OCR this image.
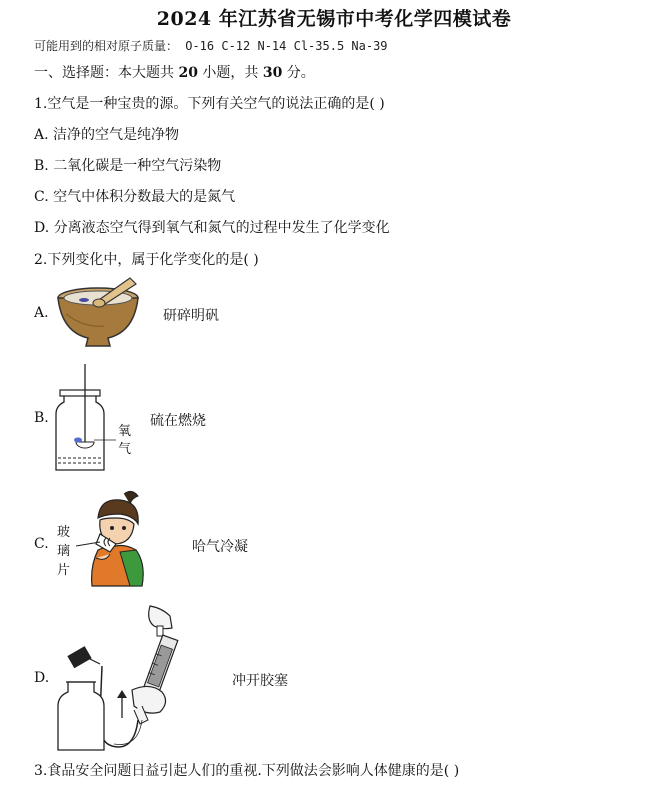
2024 年江苏省无锡市中考化学四模试卷
可能用到的相对原子质量： O-16 C-12 N-14 Cl-35.5 Na-39
一、选择题：本大题共 20 小题，共 30 分。
1.空气是一种宝贵的源。下列有关空气的说法正确的是( )
A. 洁净的空气是纯净物
B. 二氧化碳是一种空气污染物
C. 空气中体积分数最大的是氮气
D. 分离液态空气得到氧气和氮气的过程中发生了化学变化
2.下列变化中，属于化学变化的是( )
A.	研碎明矾
B.
氧
气
硫在燃烧
C.
玻
璃
片
哈气冷凝
D.	冲开胶塞
3.食品安全问题日益引起人们的重视.下列做法会影响人体健康的是( )
